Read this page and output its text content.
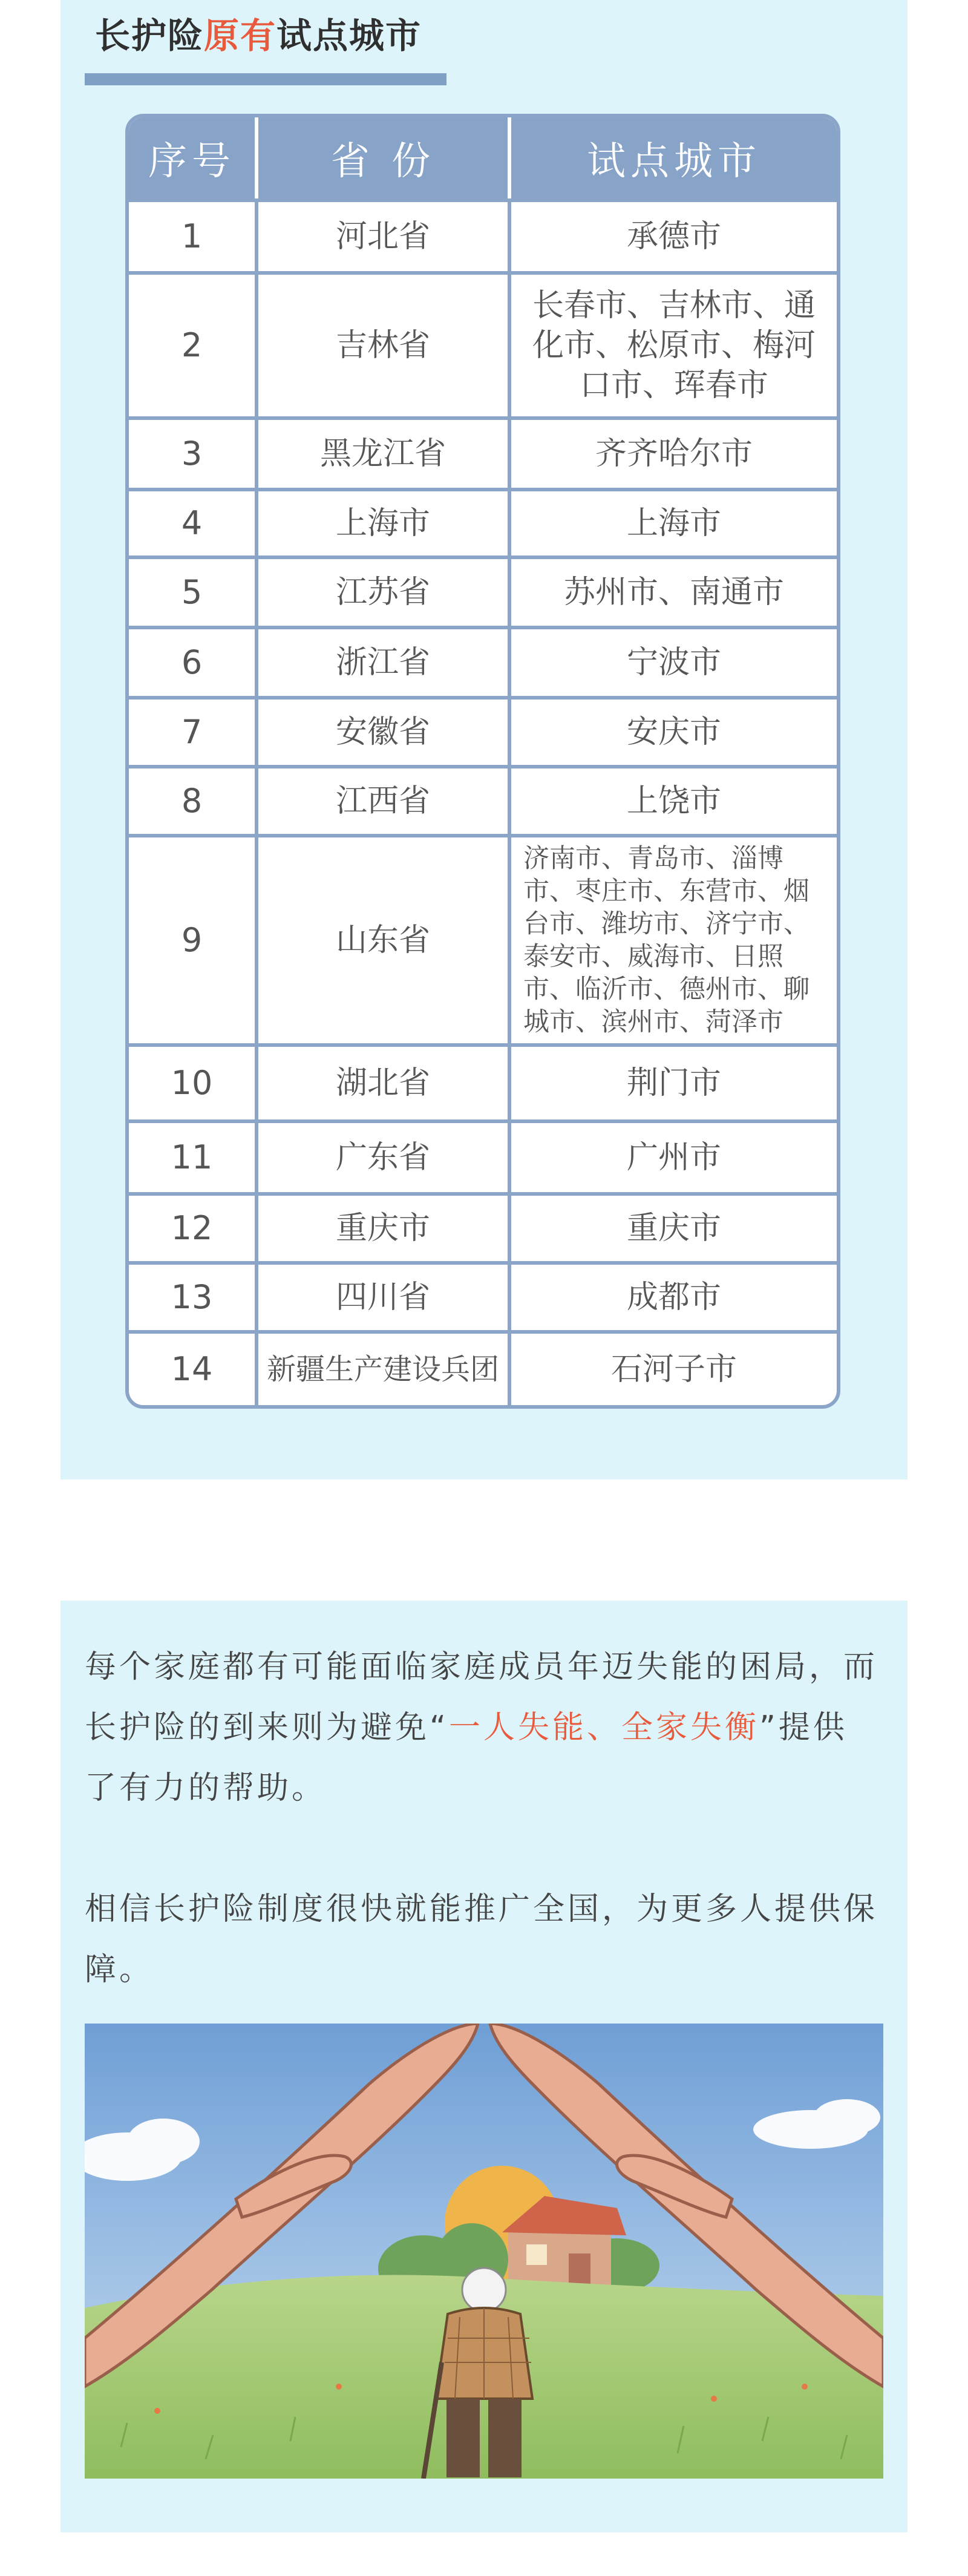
长护险原有试点城市
序号	省 份	试点城市
1	河北省	承德市
2	吉林省	长春市、吉林市、通化市、松原市、梅河口市、珲春市
3	黑龙江省	齐齐哈尔市
4	上海市	上海市
5	江苏省	苏州市、南通市
6	浙江省	宁波市
7	安徽省	安庆市
8	江西省	上饶市
9	山东省	济南市、青岛市、淄博市、枣庄市、东营市、烟台市、潍坊市、济宁市、泰安市、威海市、日照市、临沂市、德州市、聊城市、滨州市、菏泽市
10	湖北省	荆门市
11	广东省	广州市
12	重庆市	重庆市
13	四川省	成都市
14	新疆生产建设兵团	石河子市

每个家庭都有可能面临家庭成员年迈失能的困局，而长护险的到来则为避免“一人失能、全家失衡”提供了有力的帮助。

相信长护险制度很快就能推广全国，为更多人提供保障。
